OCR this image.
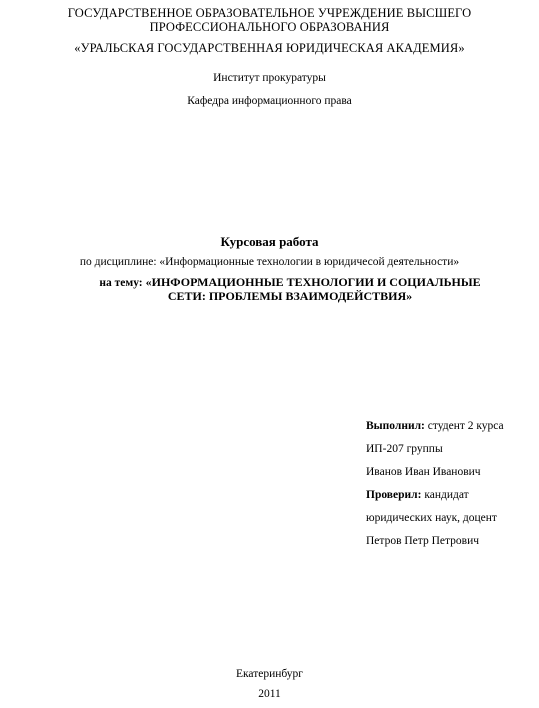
ГОСУДАРСТВЕННОЕ ОБРАЗОВАТЕЛЬНОЕ УЧРЕЖДЕНИЕ ВЫСШЕГО
ПРОФЕССИОНАЛЬНОГО ОБРАЗОВАНИЯ
«УРАЛЬСКАЯ ГОСУДАРСТВЕННАЯ ЮРИДИЧЕСКАЯ АКАДЕМИЯ»
Институт прокуратуры
Кафедра информационного права
Курсовая работа
по дисциплине: «Информационные технологии в юридичесой деятельности»
на тему: «ИНФОРМАЦИОННЫЕ ТЕХНОЛОГИИ И СОЦИАЛЬНЫЕ
СЕТИ: ПРОБЛЕМЫ ВЗАИМОДЕЙСТВИЯ»
Выполнил: студент 2 курса
ИП-207 группы
Иванов Иван Иванович
Проверил: кандидат
юридических наук, доцент
Петров Петр Петрович
Екатеринбург
2011
